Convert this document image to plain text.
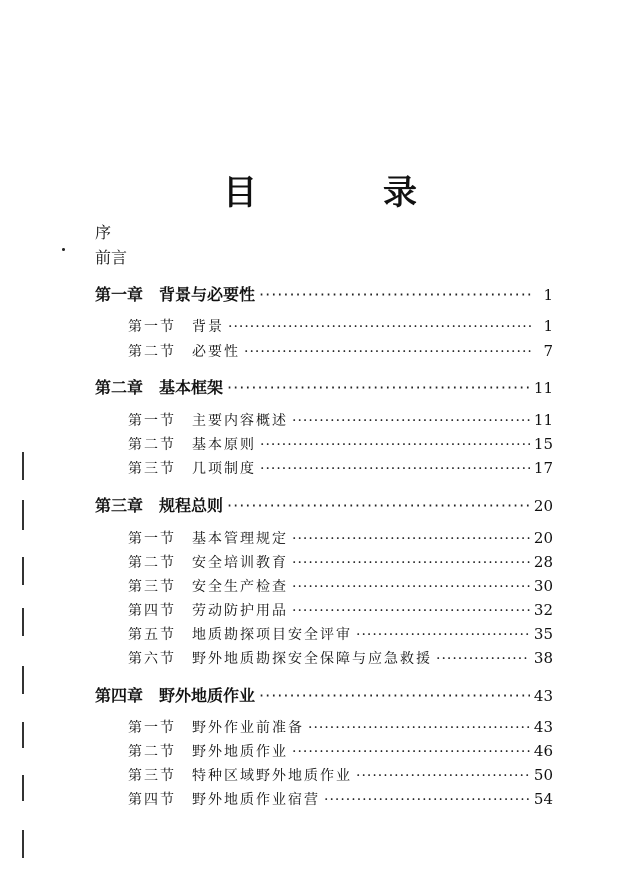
目　录
序
前言
第一章 背景与必要性 ·····	1
第一节	背景 ·····	1
第二节	必要性 ·····	7
第二章 基本框架 ·····	11
第一节	主要内容概述 ·····	11
第二节	基本原则 ·····	15
第三节	几项制度 ·····	17
第三章 规程总则 ·····	20
第一节	基本管理规定 ·····	20
第二节	安全培训教育 ·····	28
第三节	安全生产检查 ·····	30
第四节	劳动防护用品 ·····	32
第五节	地质勘探项目安全评审 ·····	35
第六节	野外地质勘探安全保障与应急救援 ·····	38
第四章 野外地质作业 ·····	43
第一节	野外作业前准备 ·····	43
第二节	野外地质作业 ·····	46
第三节	特种区域野外地质作业 ·····	50
第四节	野外地质作业宿营 ·····	54
